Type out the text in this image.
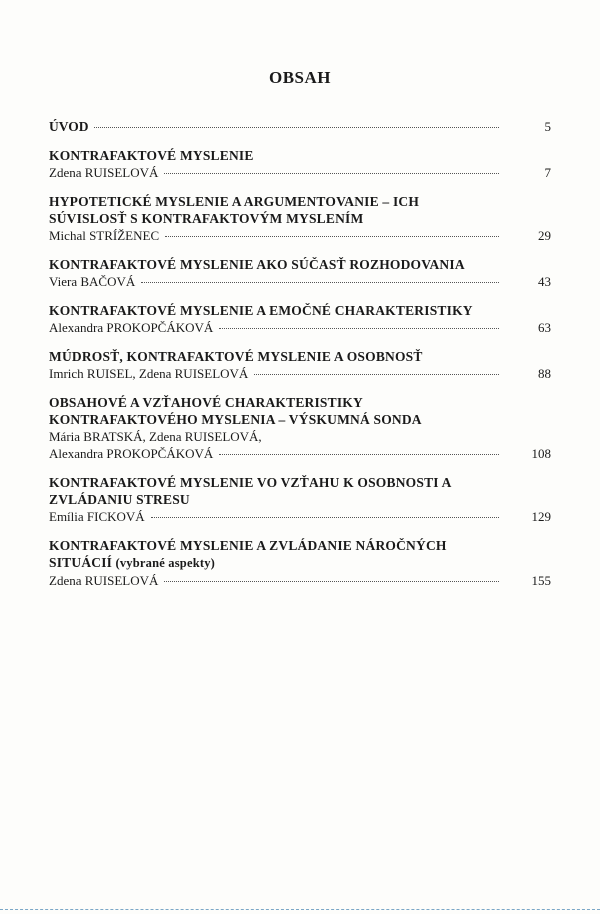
OBSAH
ÚVOD	5
KONTRAFAKTOVÉ MYSLENIE
Zdena RUISELOVÁ	7
HYPOTETICKÉ MYSLENIE A ARGUMENTOVANIE – ICH SÚVISLOSŤ S KONTRAFAKTOVÝM MYSLENÍM
Michal STRÍŽENEC	29
KONTRAFAKTOVÉ MYSLENIE AKO SÚČASŤ ROZHODOVANIA
Viera BAČOVÁ	43
KONTRAFAKTOVÉ MYSLENIE A EMOČNÉ CHARAKTERISTIKY
Alexandra PROKOPČÁKOVÁ	63
MÚDROSŤ, KONTRAFAKTOVÉ MYSLENIE A OSOBNOSŤ
Imrich RUISEL, Zdena RUISELOVÁ	88
OBSAHOVÉ A VZŤAHOVÉ CHARAKTERISTIKY KONTRAFAKTOVÉHO MYSLENIA – VÝSKUMNÁ SONDA
Mária BRATSKÁ, Zdena RUISELOVÁ,
Alexandra PROKOPČÁKOVÁ	108
KONTRAFAKTOVÉ MYSLENIE VO VZŤAHU K OSOBNOSTI A ZVLÁDANIU STRESU
Emília FICKOVÁ	129
KONTRAFAKTOVÉ MYSLENIE A ZVLÁDANIE NÁROČNÝCH SITUÁCIÍ (vybrané aspekty)
Zdena RUISELOVÁ	155
